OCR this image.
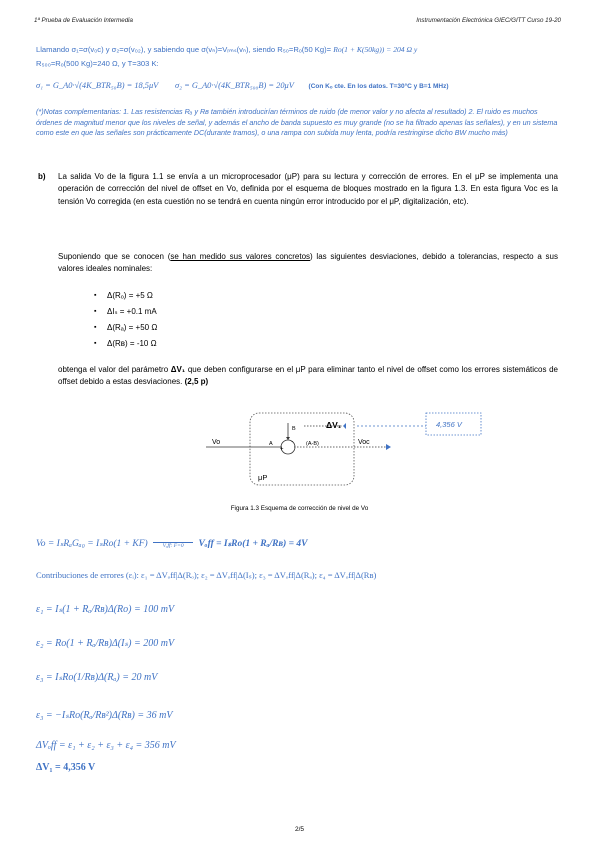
1ª Prueba de Evaluación Intermedia	Instrumentación Electrónica GIEC/GITT Curso 19-20
Llamando σ₁=σ(v₀c) y σ₂=σ(v₀₂), y sabiendo que σ(vₙ)=Vᵣₘₛ(vₙ), siendo R₅₀=Rₒ(50 Kg)= Ro(1 + K(50kg)) = 204 Ω y
R₅₀₀=Rₒ(500 Kg)=240 Ω, y T=303 K:
σ₁ = G_A0·√(4K_BTR₅₀B) = 18,5μV σ₂ = G_A0·√(4K_BTR₅₀₀B) = 20μV (Con Kₒ cte. En los datos. T=30°C y B=1 MHz)
(*)Notas complementarias: 1. Las resistencias Rₐ y Rʙ también introducirían términos de ruido (de menor valor y no afecta al resultado) 2. El ruido es muchos órdenes de magnitud menor que los niveles de señal, y además el ancho de banda supuesto es muy grande (no se ha filtrado apenas las señales), y en un sistema como este en que las señales son prácticamente DC(durante tramos), o una rampa con subida muy lenta, podría restringirse dicho BW mucho más)
b) La salida Vo de la figura 1.1 se envía a un microprocesador (μP) para su lectura y corrección de errores. En el μP se implementa una operación de corrección del nivel de offset en Vo, definida por el esquema de bloques mostrado en la figura 1.3. En esta figura Voc es la tensión Vo corregida (en esta cuestión no se tendrá en cuenta ningún error introducido por el μP, digitalización, etc).
Suponiendo que se conocen (se han medido sus valores concretos) las siguientes desviaciones, debido a tolerancias, respecto a sus valores ideales nominales:
▪ Δ(Rₒ) = +5 Ω
▪ ΔIₛ = +0.1 mA
▪ Δ(Rₐ) = +50 Ω
▪ Δ(Rʙ) = -10 Ω
obtenga el valor del parámetro ΔV₁ que deben configurarse en el μP para eliminar tanto el nivel de offset como los errores sistemáticos de offset debido a estas desviaciones. (2,5 p)
Vo	Voc
A	(A-B)
B
+
-
μP
ΔV₁	4,356 V
Figura 1.3 Esquema de corrección de nivel de Vo
Vo = IₛRₐGₐ₀ = IₛRo(1 + KF)	Vₒff: F=0	Vₒff = IₛRo(1 + Rₐ/Rʙ) = 4V
Contribuciones de errores (εᵢ): ε₁ = ΔVₒff|Δ(Rₒ); ε₂ = ΔVₒff|Δ(Iₛ); ε₃ = ΔVₒff|Δ(Rₐ); ε₄ = ΔVₒff|Δ(Rʙ)
ε₁ = Iₛ(1 + Rₐ/Rʙ)Δ(Ro) = 100 mV
ε₂ = Ro(1 + Rₐ/Rʙ)Δ(Iₛ) = 200 mV
ε₃ = IₛRo(1/Rʙ)Δ(Rₐ) = 20 mV
ε₃ = −IₛRo(Rₐ/Rʙ²)Δ(Rʙ) = 36 mV
ΔVₒff = ε₁ + ε₂ + ε₃ + ε₄ = 356 mV
ΔV₁ = 4,356 V
2/5
